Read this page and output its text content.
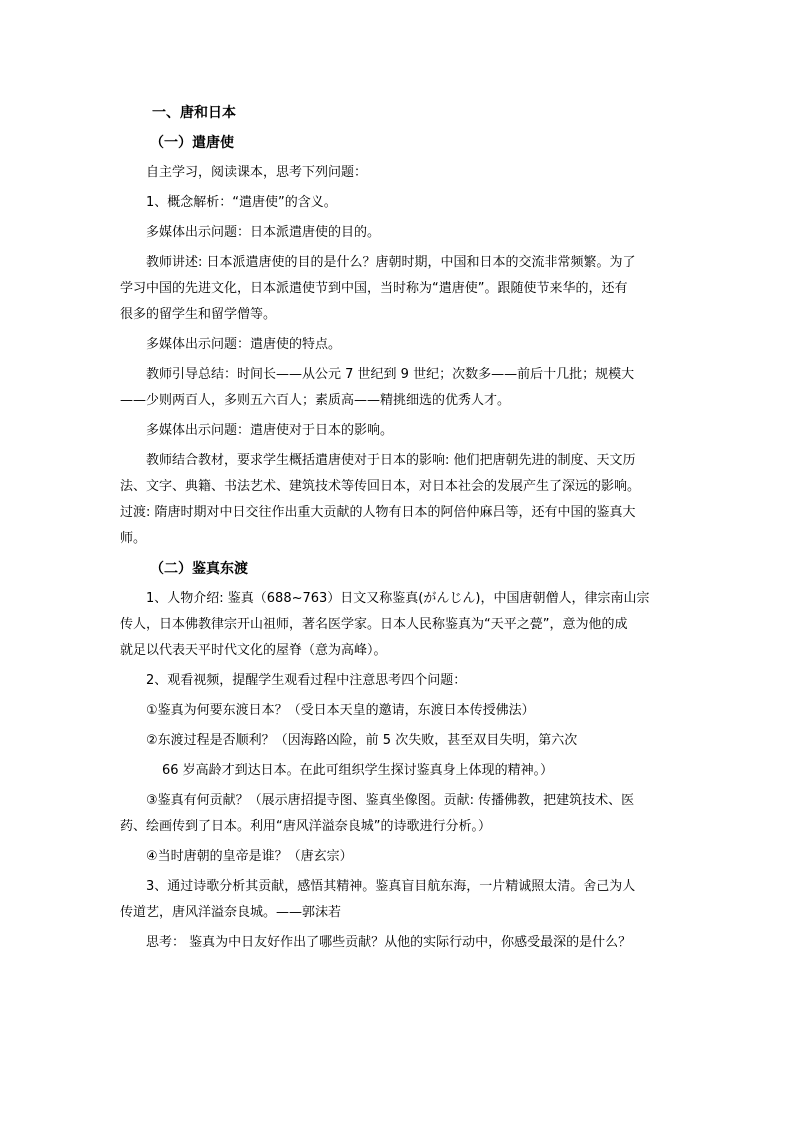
一、唐和日本
（一）遣唐使
自主学习，阅读课本，思考下列问题：
1、概念解析：“遣唐使”的含义。
多媒体出示问题：日本派遣唐使的目的。
教师讲述: 日本派遣唐使的目的是什么？唐朝时期，中国和日本的交流非常频繁。为了
学习中国的先进文化，日本派遣使节到中国，当时称为“遣唐使”。跟随使节来华的，还有
很多的留学生和留学僧等。
多媒体出示问题：遣唐使的特点。
教师引导总结：时间长——从公元 7 世纪到 9 世纪；次数多——前后十几批；规模大
——少则两百人，多则五六百人；素质高——精挑细选的优秀人才。
多媒体出示问题：遣唐使对于日本的影响。
教师结合教材，要求学生概括遣唐使对于日本的影响: 他们把唐朝先进的制度、天文历
法、文字、典籍、书法艺术、建筑技术等传回日本，对日本社会的发展产生了深远的影响。
过渡: 隋唐时期对中日交往作出重大贡献的人物有日本的阿倍仲麻吕等，还有中国的鉴真大
师。
（二）鉴真东渡
1、人物介绍: 鉴真（688~763）日文又称鉴真(がんじん)，中国唐朝僧人，律宗南山宗
传人，日本佛教律宗开山祖师，著名医学家。日本人民称鉴真为“天平之甍”，意为他的成
就足以代表天平时代文化的屋脊（意为高峰）。
2、观看视频，提醒学生观看过程中注意思考四个问题：
①鉴真为何要东渡日本？（受日本天皇的邀请，东渡日本传授佛法）
②东渡过程是否顺利？（因海路凶险，前 5 次失败，甚至双目失明，第六次
66 岁高龄才到达日本。在此可组织学生探讨鉴真身上体现的精神。）
③鉴真有何贡献？（展示唐招提寺图、鉴真坐像图。贡献: 传播佛教，把建筑技术、医
药、绘画传到了日本。利用“唐风洋溢奈良城”的诗歌进行分析。）
④当时唐朝的皇帝是谁？（唐玄宗）
3、通过诗歌分析其贡献，感悟其精神。鉴真盲目航东海，一片精诚照太清。舍己为人
传道艺，唐风洋溢奈良城。——郭沫若
思考： 鉴真为中日友好作出了哪些贡献？从他的实际行动中，你感受最深的是什么？
